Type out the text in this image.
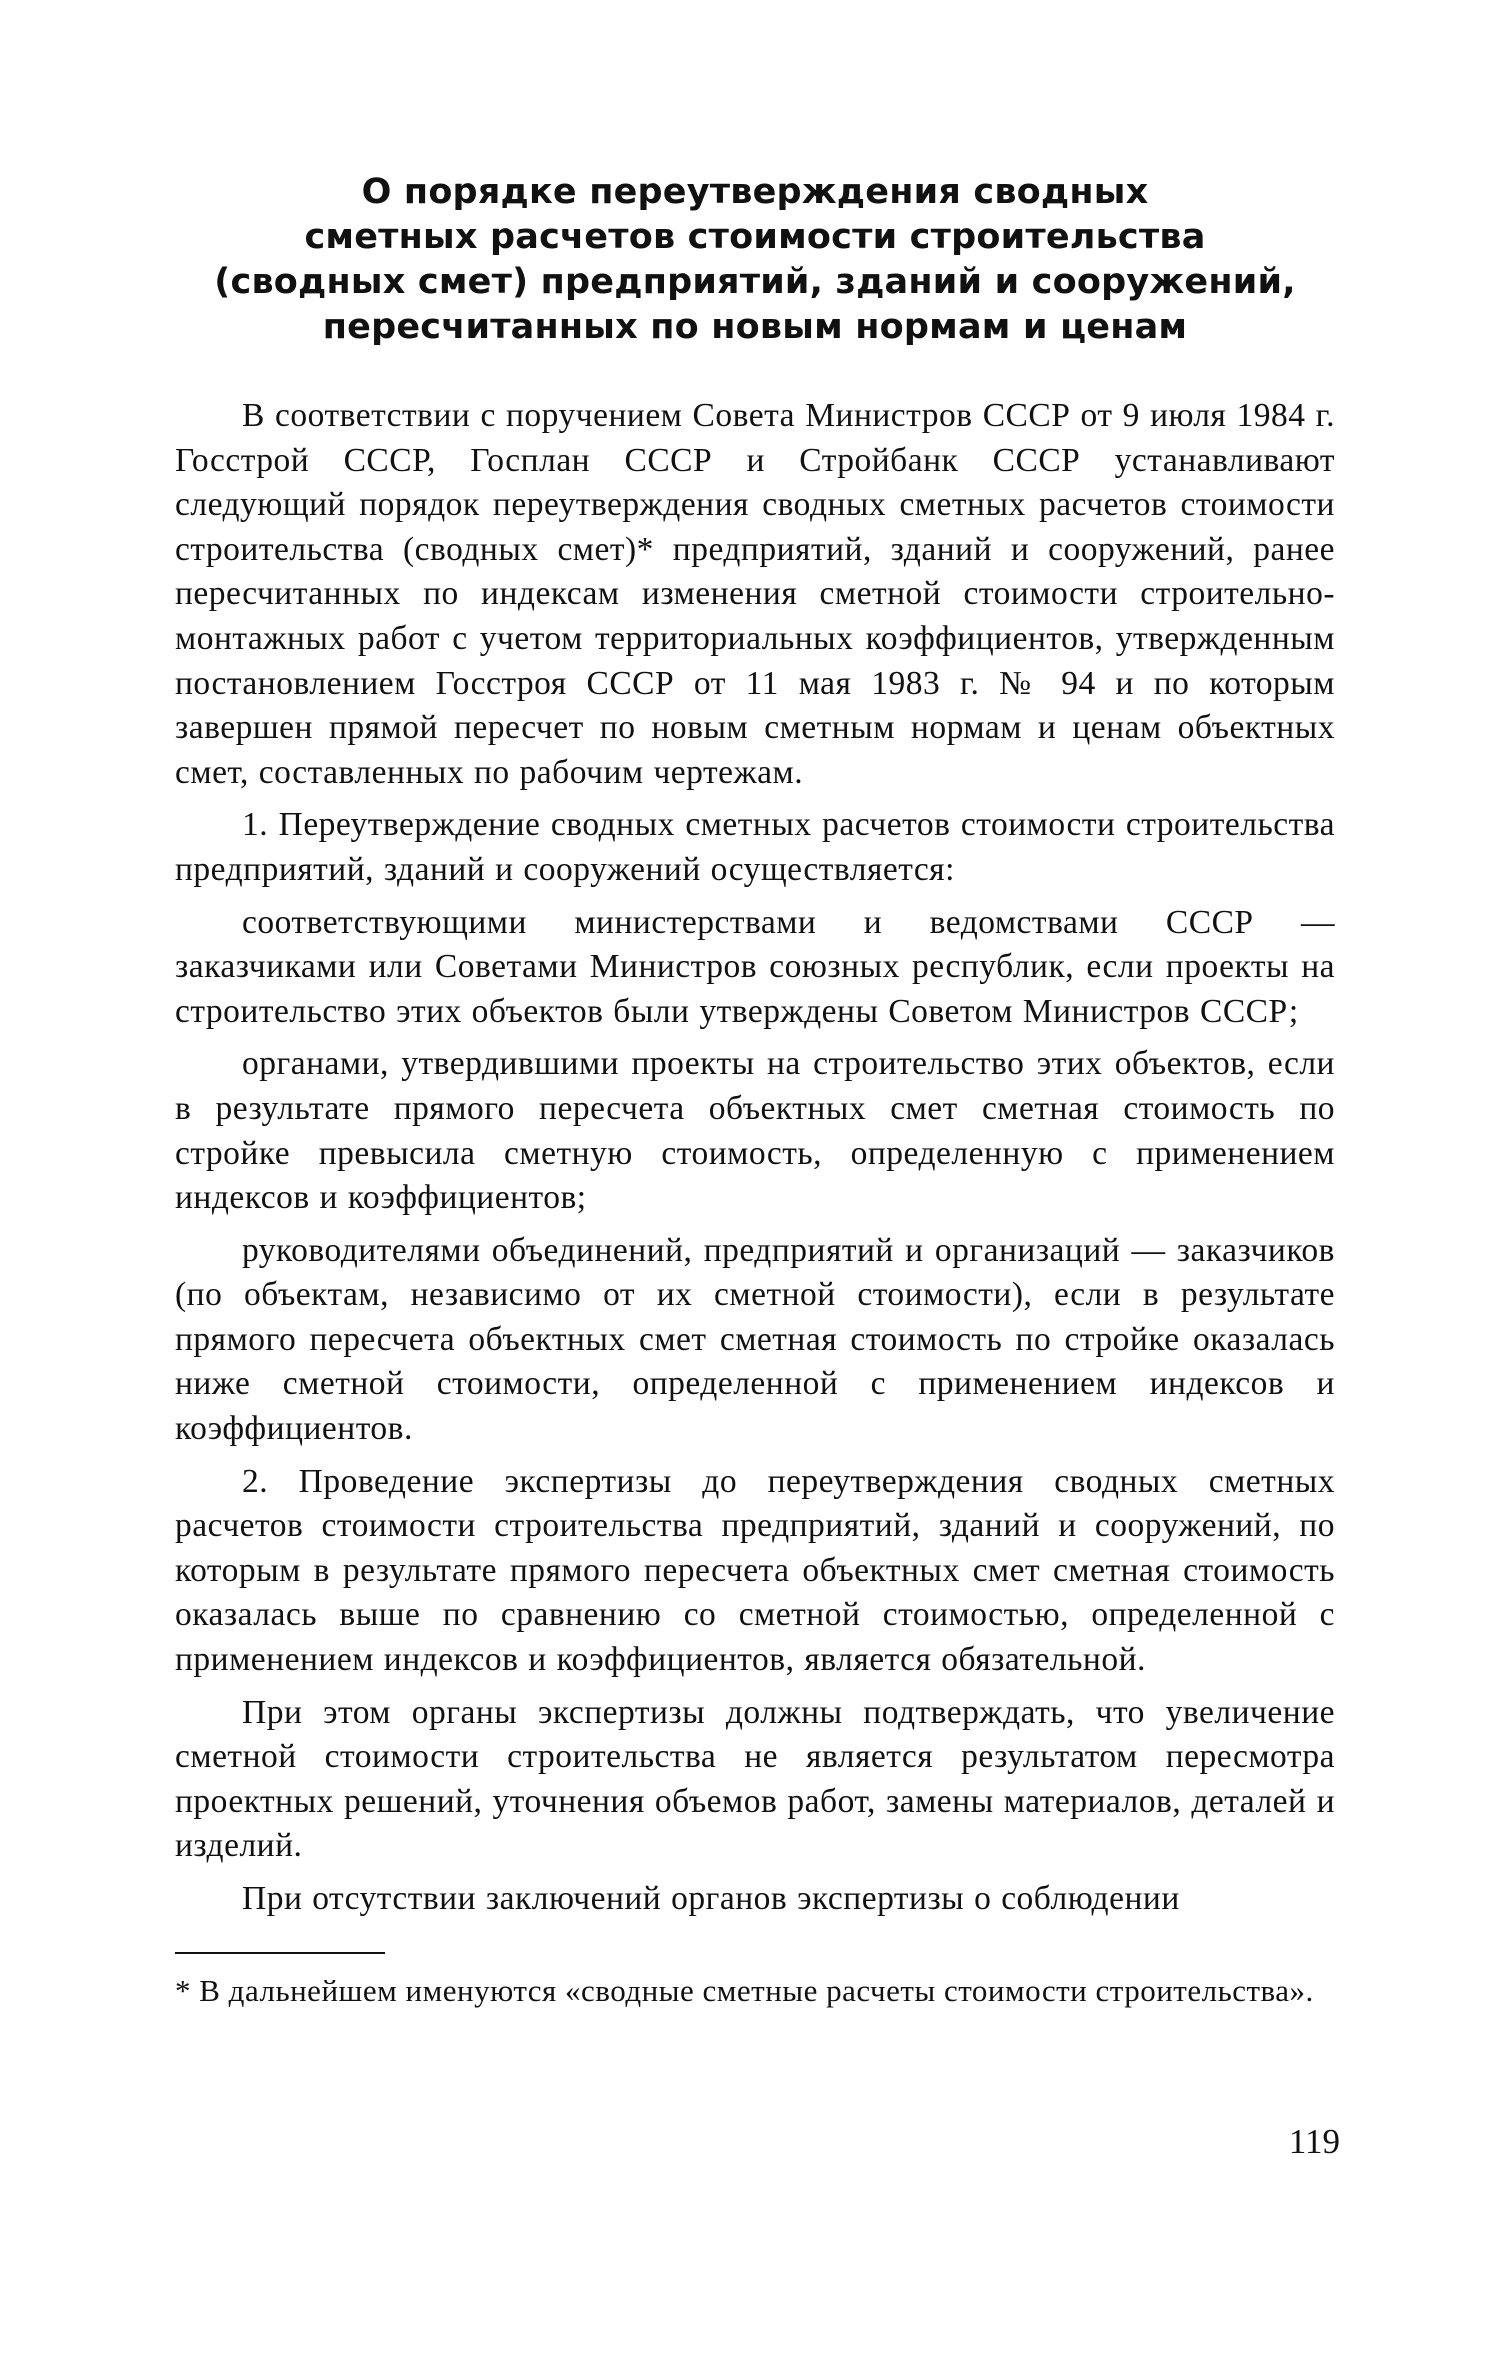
О порядке переутверждения сводных
сметных расчетов стоимости строительства
(сводных смет) предприятий, зданий и сооружений,
пересчитанных по новым нормам и ценам

В соответствии с поручением Совета Министров СССР от 9 июля 1984 г. Госстрой СССР, Госплан СССР и Стройбанк СССР устанавливают следующий порядок переутверждения сводных сметных расчетов стоимости строительства (сводных смет)* предприятий, зданий и сооружений, ранее пересчитанных по индексам изменения сметной стоимости строительно-монтажных работ с учетом территориальных коэффициентов, утвержденным постановлением Госстроя СССР от 11 мая 1983 г. № 94 и по которым завершен прямой пересчет по новым сметным нормам и ценам объектных смет, составленных по рабочим чертежам.

1. Переутверждение сводных сметных расчетов стоимости строительства предприятий, зданий и сооружений осуществляется:

соответствующими министерствами и ведомствами СССР — заказчиками или Советами Министров союзных республик, если проекты на строительство этих объектов были утверждены Советом Министров СССР;

органами, утвердившими проекты на строительство этих объектов, если в результате прямого пересчета объектных смет сметная стоимость по стройке превысила сметную стоимость, определенную с применением индексов и коэффициентов;

руководителями объединений, предприятий и организаций — заказчиков (по объектам, независимо от их сметной стоимости), если в результате прямого пересчета объектных смет сметная стоимость по стройке оказалась ниже сметной стоимости, определенной с применением индексов и коэффициентов.

2. Проведение экспертизы до переутверждения сводных сметных расчетов стоимости строительства предприятий, зданий и сооружений, по которым в результате прямого пересчета объектных смет сметная стоимость оказалась выше по сравнению со сметной стоимостью, определенной с применением индексов и коэффициентов, является обязательной.

При этом органы экспертизы должны подтверждать, что увеличение сметной стоимости строительства не является результатом пересмотра проектных решений, уточнения объемов работ, замены материалов, деталей и изделий.

При отсутствии заключений органов экспертизы о соблюдении

* В дальнейшем именуются «сводные сметные расчеты стоимости строительства».

119
